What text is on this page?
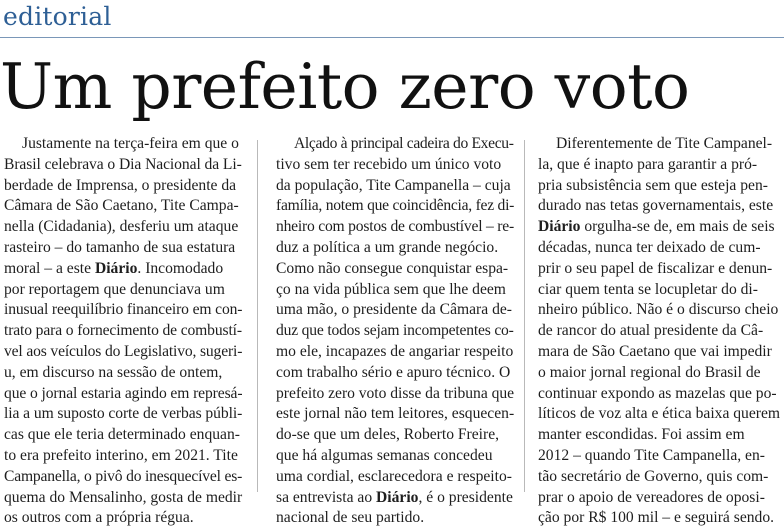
editorial
Um prefeito zero voto
Justamente na terça-feira em que o
Brasil celebrava o Dia Nacional da Li-
berdade de Imprensa, o presidente da
Câmara de São Caetano, Tite Campa-
nella (Cidadania), desferiu um ataque
rasteiro – do tamanho de sua estatura
moral – a este Diário. Incomodado
por reportagem que denunciava um
inusual reequilíbrio financeiro em con-
trato para o fornecimento de combustí-
vel aos veículos do Legislativo, sugeri-
u, em discurso na sessão de ontem,
que o jornal estaria agindo em represá-
lia a um suposto corte de verbas públi-
cas que ele teria determinado enquan-
to era prefeito interino, em 2021. Tite
Campanella, o pivô do inesquecível es-
quema do Mensalinho, gosta de medir
os outros com a própria régua.
Alçado à principal cadeira do Execu-
tivo sem ter recebido um único voto
da população, Tite Campanella – cuja
família, notem que coincidência, fez di-
nheiro com postos de combustível – re-
duz a política a um grande negócio.
Como não consegue conquistar espa-
ço na vida pública sem que lhe deem
uma mão, o presidente da Câmara de-
duz que todos sejam incompetentes co-
mo ele, incapazes de angariar respeito
com trabalho sério e apuro técnico. O
prefeito zero voto disse da tribuna que
este jornal não tem leitores, esquecen-
do-se que um deles, Roberto Freire,
que há algumas semanas concedeu
uma cordial, esclarecedora e respeito-
sa entrevista ao Diário, é o presidente
nacional de seu partido.
Diferentemente de Tite Campanel-
la, que é inapto para garantir a pró-
pria subsistência sem que esteja pen-
durado nas tetas governamentais, este
Diário orgulha-se de, em mais de seis
décadas, nunca ter deixado de cum-
prir o seu papel de fiscalizar e denun-
ciar quem tenta se locupletar do di-
nheiro público. Não é o discurso cheio
de rancor do atual presidente da Câ-
mara de São Caetano que vai impedir
o maior jornal regional do Brasil de
continuar expondo as mazelas que po-
líticos de voz alta e ética baixa querem
manter escondidas. Foi assim em
2012 – quando Tite Campanella, en-
tão secretário de Governo, quis com-
prar o apoio de vereadores de oposi-
ção por R$ 100 mil – e seguirá sendo.
